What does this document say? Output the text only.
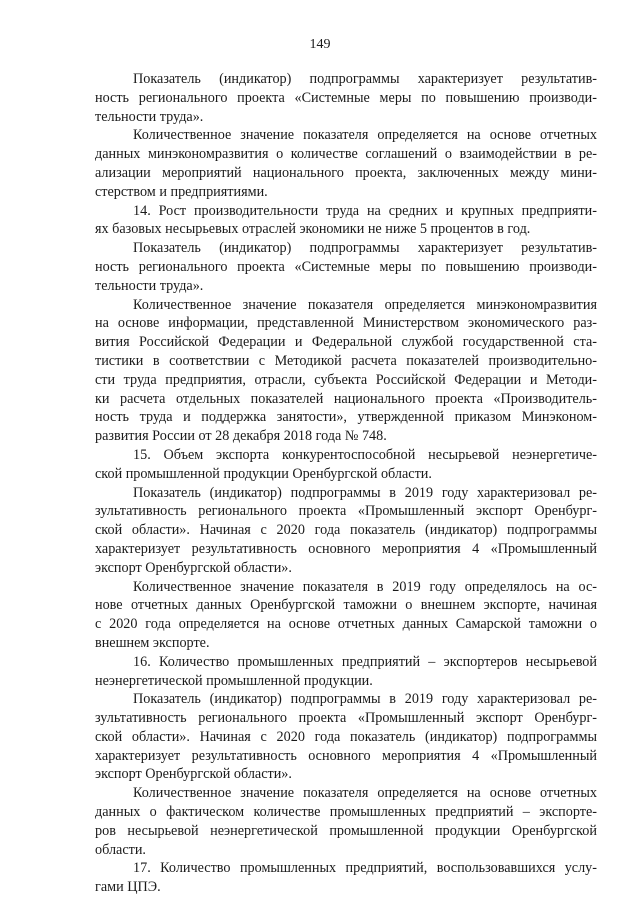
149
Показатель (индикатор) подпрограммы характеризует результатив-
ность регионального проекта «Системные меры по повышению производи-
тельности труда».
Количественное значение показателя определяется на основе отчетных
данных минэкономразвития о количестве соглашений о взаимодействии в ре-
ализации мероприятий национального проекта, заключенных между мини-
стерством и предприятиями.
14. Рост производительности труда на средних и крупных предприяти-
ях базовых несырьевых отраслей экономики не ниже 5 процентов в год.
Показатель (индикатор) подпрограммы характеризует результатив-
ность регионального проекта «Системные меры по повышению производи-
тельности труда».
Количественное значение показателя определяется минэкономразвития
на основе информации, представленной Министерством экономического раз-
вития Российской Федерации и Федеральной службой государственной ста-
тистики в соответствии с Методикой расчета показателей производительно-
сти труда предприятия, отрасли, субъекта Российской Федерации и Методи-
ки расчета отдельных показателей национального проекта «Производитель-
ность труда и поддержка занятости», утвержденной приказом Минэконом-
развития России от 28 декабря 2018 года № 748.
15. Объем экспорта конкурентоспособной несырьевой неэнергетиче-
ской промышленной продукции Оренбургской области.
Показатель (индикатор) подпрограммы в 2019 году характеризовал ре-
зультативность регионального проекта «Промышленный экспорт Оренбург-
ской области». Начиная с 2020 года показатель (индикатор) подпрограммы
характеризует результативность основного мероприятия 4 «Промышленный
экспорт Оренбургской области».
Количественное значение показателя в 2019 году определялось на ос-
нове отчетных данных Оренбургской таможни о внешнем экспорте, начиная
с 2020 года определяется на основе отчетных данных Самарской таможни о
внешнем экспорте.
16. Количество промышленных предприятий – экспортеров несырьевой
неэнергетической промышленной продукции.
Показатель (индикатор) подпрограммы в 2019 году характеризовал ре-
зультативность регионального проекта «Промышленный экспорт Оренбург-
ской области». Начиная с 2020 года показатель (индикатор) подпрограммы
характеризует результативность основного мероприятия 4 «Промышленный
экспорт Оренбургской области».
Количественное значение показателя определяется на основе отчетных
данных о фактическом количестве промышленных предприятий – экспорте-
ров несырьевой неэнергетической промышленной продукции Оренбургской
области.
17. Количество промышленных предприятий, воспользовавшихся услу-
гами ЦПЭ.
